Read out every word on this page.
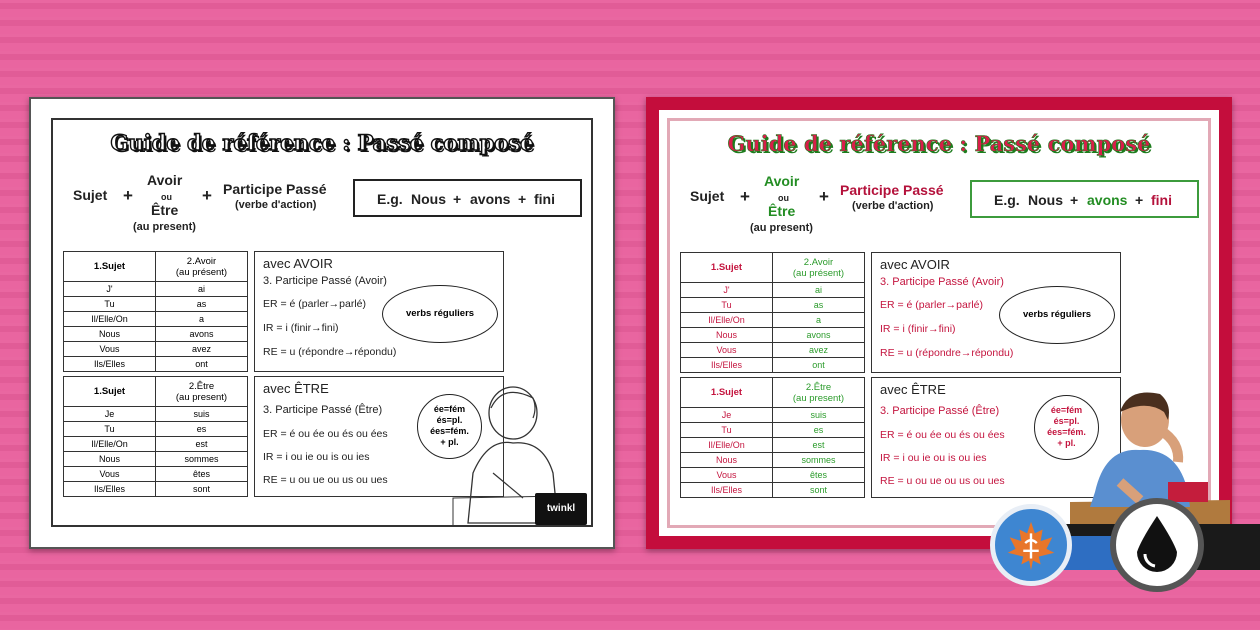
Guide de référence : Passé composé
Sujet +
Avoir
ou
Être
(au present)
+ Participe Passé
(verbe d'action)	E.g. Nous + avons + fini
1.Sujet	2.Avoir
(au présent)
J'	ai
Tu	as
Il/Elle/On	a
Nous	avons
Vous	avez
Ils/Elles	ont
1.Sujet	2.Être
(au present)
Je	suis
Tu	es
Il/Elle/On	est
Nous	sommes
Vous	êtes
Ils/Elles	sont
avec AVOIR
3. Participe Passé (Avoir)
ER = é (parler→parlé)
IR = i (finir→fini)
RE = u (répondre→répondu)
verbs réguliers
avec ÊTRE
3. Participe Passé (Être)
ER = é ou ée ou és ou ées
IR = i ou ie ou is ou ies
RE = u ou ue ou us ou ues
ée=fém
és=pl.
ées=fém.
+ pl.
twinkl
Guide de référence : Passé composé
Sujet +
Avoir
ou
Être
(au present)
+ Participe Passé
(verbe d'action)	E.g. Nous + avons + fini
1.Sujet	2.Avoir
(au présent)
J'	ai
Tu	as
Il/Elle/On	a
Nous	avons
Vous	avez
Ils/Elles	ont
1.Sujet	2.Être
(au present)
Je	suis
Tu	es
Il/Elle/On	est
Nous	sommes
Vous	êtes
Ils/Elles	sont
avec AVOIR
3. Participe Passé (Avoir)
ER = é (parler→parlé)
IR = i (finir→fini)
RE = u (répondre→répondu)
verbs réguliers
avec ÊTRE
3. Participe Passé (Être)
ER = é ou ée ou és ou ées
IR = i ou ie ou is ou ies
RE = u ou ue ou us ou ues
ée=fém
és=pl.
ées=fém.
+ pl.
